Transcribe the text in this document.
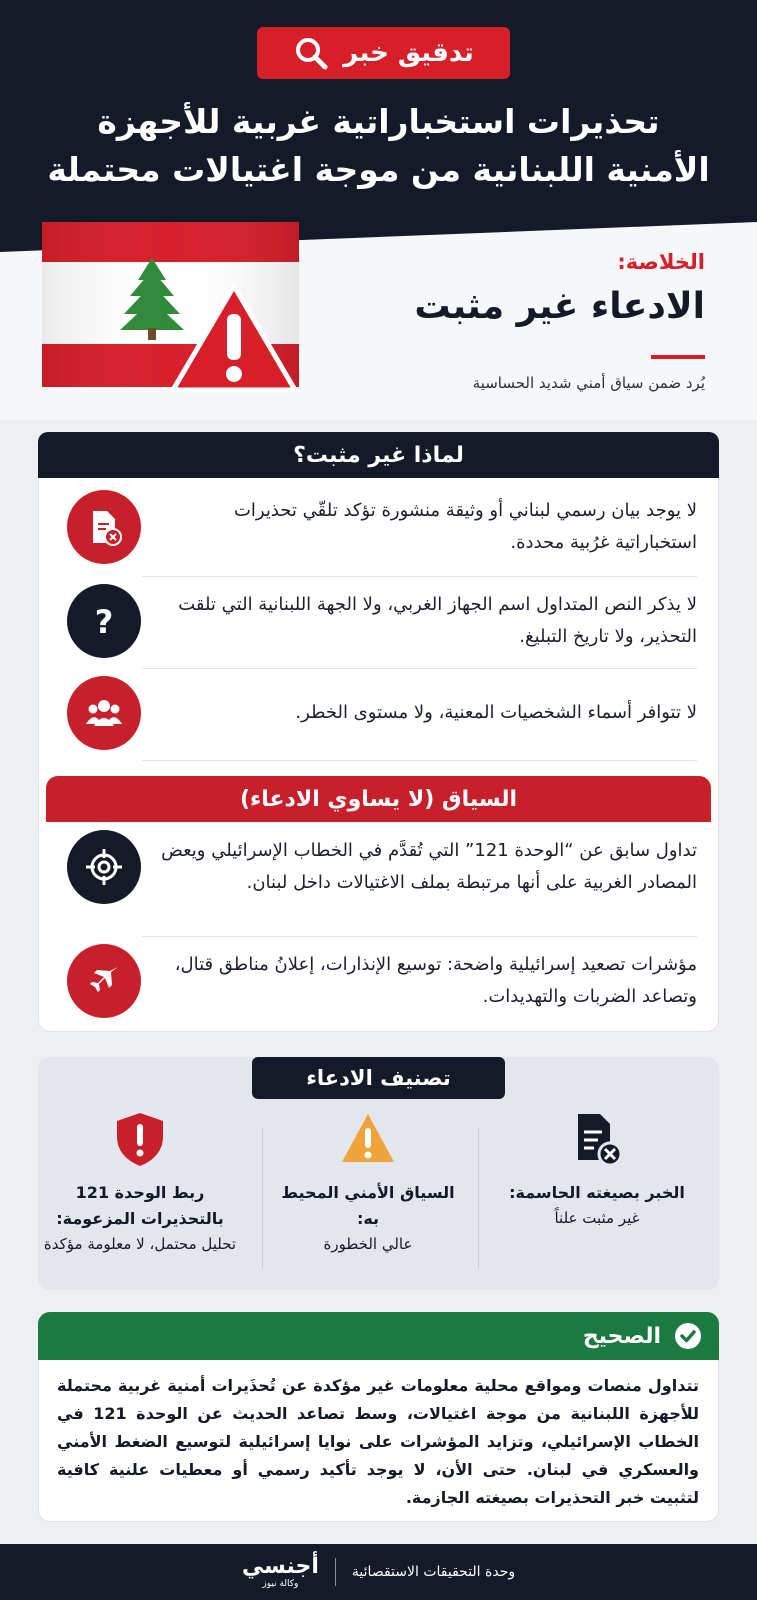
تدقيق خبر
تحذيرات استخباراتية غربية للأجهزة
الأمنية اللبنانية من موجة اغتيالات محتملة
الخلاصة:
الادعاء غير مثبت
يُرد ضمن سياق أمني شديد الحساسية
لماذا غير مثبت؟
لا يوجد بيان رسمي لبناني أو وثيقة منشورة تؤكد تلقّي تحذيرات استخباراتية غرُبية محددة.
لا يذكر النص المتداول اسم الجهاز الغربي، ولا الجهة اللبنانية التي تلقت التحذير، ولا تاريخ التبليغ.
?
لا تتوافر أسماء الشخصيات المعنية، ولا مستوى الخطر.
السياق (لا يساوي الادعاء)
تداول سابق عن “الوحدة 121” التي تُقدَّم في الخطاب الإسرائيلي ويعض المصادر الغربية على أنها مرتبطة بملف الاغتيالات داخل لبنان.
مؤشرات تصعيد إسرائيلية واضحة: توسيع الإنذارات، إعلانُ مناطق قتال، وتصاعد الضربات والتهديدات.
تصنيف الادعاء
الخبر بصيغته الحاسمة:
غير مثبت علناً
السياق الأمني المحيط به:
عالي الخطورة
ربط الوحدة 121 بالتحذيرات المزعومة:
تحليل محتمل، لا معلومة مؤكدة
الصحيح
تتداول منصات ومواقع محلية معلومات غير مؤكدة عن تُحذَيرات أمنية غربية محتملة للأجهزة اللبنانية من موجة اغتيالات، وسط تصاعد الحديث عن الوحدة 121 في الخطاب الإسرائيلي، وتزايد المؤشرات على نوايا إسرائيلية لتوسيع الضغط الأمني والعسكري في لبنان. حتى الأن، لا يوجد تأكيد رسمي أو معطيات علنية كافية لتثبيت خبر التحذيرات بصيغته الجازمة.
وحدة التحقيقات الاستقصائية
أجنسي
وكالة نيوز
